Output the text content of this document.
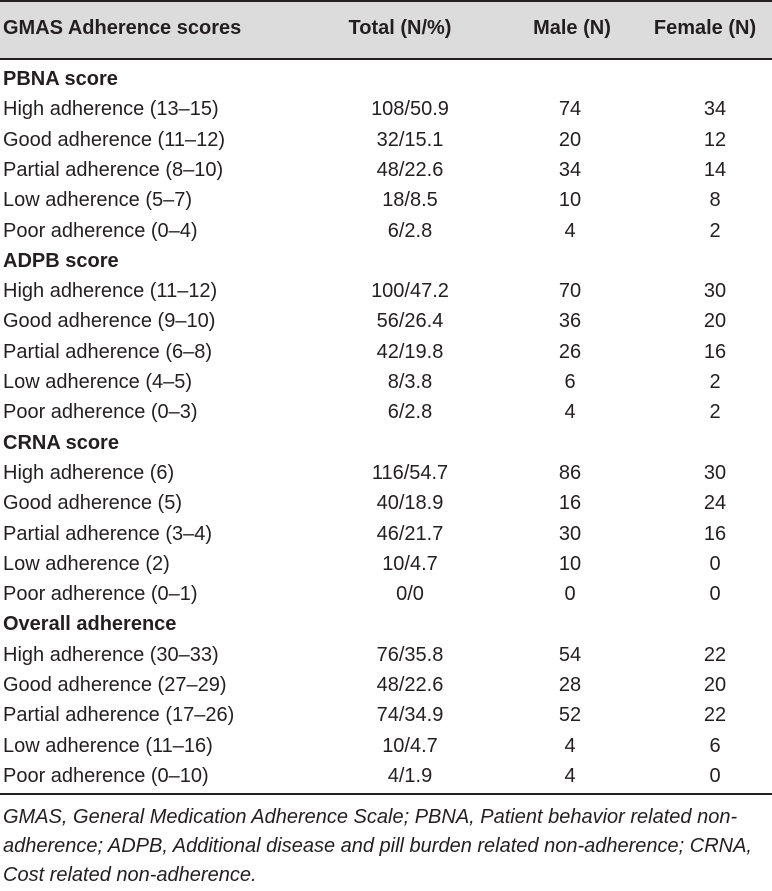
GMAS Adherence scores	Total (N/%)	Male (N)	Female (N)
PBNA score
High adherence (13–15)	108/50.9	74	34
Good adherence (11–12)	32/15.1	20	12
Partial adherence (8–10)	48/22.6	34	14
Low adherence (5–7)	18/8.5	10	8
Poor adherence (0–4)	6/2.8	4	2
ADPB score
High adherence (11–12)	100/47.2	70	30
Good adherence (9–10)	56/26.4	36	20
Partial adherence (6–8)	42/19.8	26	16
Low adherence (4–5)	8/3.8	6	2
Poor adherence (0–3)	6/2.8	4	2
CRNA score
High adherence (6)	116/54.7	86	30
Good adherence (5)	40/18.9	16	24
Partial adherence (3–4)	46/21.7	30	16
Low adherence (2)	10/4.7	10	0
Poor adherence (0–1)	0/0	0	0
Overall adherence
High adherence (30–33)	76/35.8	54	22
Good adherence (27–29)	48/22.6	28	20
Partial adherence (17–26)	74/34.9	52	22
Low adherence (11–16)	10/4.7	4	6
Poor adherence (0–10)	4/1.9	4	0
GMAS, General Medication Adherence Scale; PBNA, Patient behavior related non-adherence; ADPB, Additional disease and pill burden related non-adherence; CRNA, Cost related non-adherence.
